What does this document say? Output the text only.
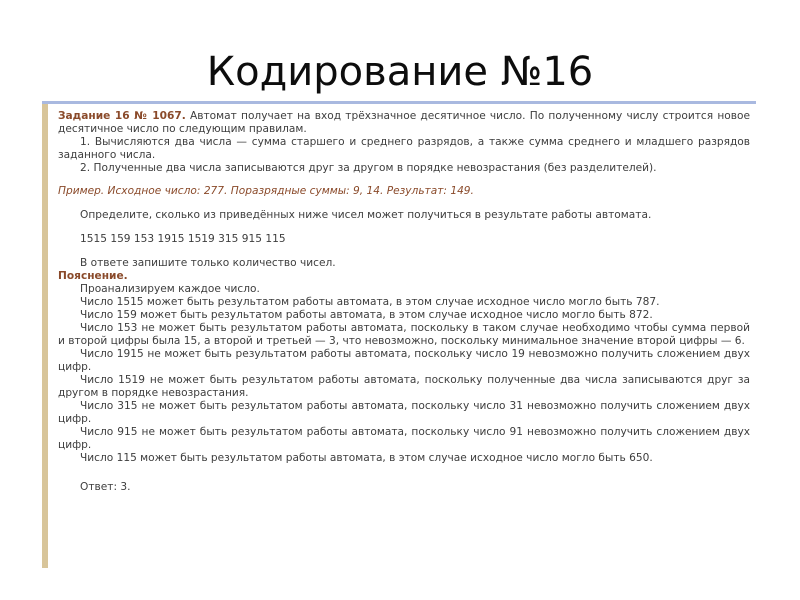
Кодирование №16

Задание 16 № 1067. Автомат получает на вход трёхзначное десятичное число. По полученному числу строится новое десятичное число по следующим правилам.

1. Вычисляются два числа — сумма старшего и среднего разрядов, а также сумма среднего и младшего разрядов заданного числа.

2. Полученные два числа записываются друг за другом в порядке невозрастания (без разделителей).

Пример. Исходное число: 277. Поразрядные суммы: 9, 14. Результат: 149.

Определите, сколько из приведённых ниже чисел может получиться в результате работы автомата.

1515 159 153 1915 1519 315 915 115

В ответе запишите только количество чисел.

Пояснение.

Проанализируем каждое число.

Число 1515 может быть результатом работы автомата, в этом случае исходное число могло быть 787.

Число 159 может быть результатом работы автомата, в этом случае исходное число могло быть 872.

Число 153 не может быть результатом работы автомата, поскольку в таком случае необходимо чтобы сумма первой и второй цифры была 15, а второй и третьей — 3, что невозможно, поскольку минимальное значение второй цифры — 6.

Число 1915 не может быть результатом работы автомата, поскольку число 19 невозможно получить сложением двух цифр.

Число 1519 не может быть результатом работы автомата, поскольку полученные два числа записываются друг за другом в порядке невозрастания.

Число 315 не может быть результатом работы автомата, поскольку число 31 невозможно получить сложением двух цифр.

Число 915 не может быть результатом работы автомата, поскольку число 91 невозможно получить сложением двух цифр.

Число 115 может быть результатом работы автомата, в этом случае исходное число могло быть 650.

Ответ: 3.
